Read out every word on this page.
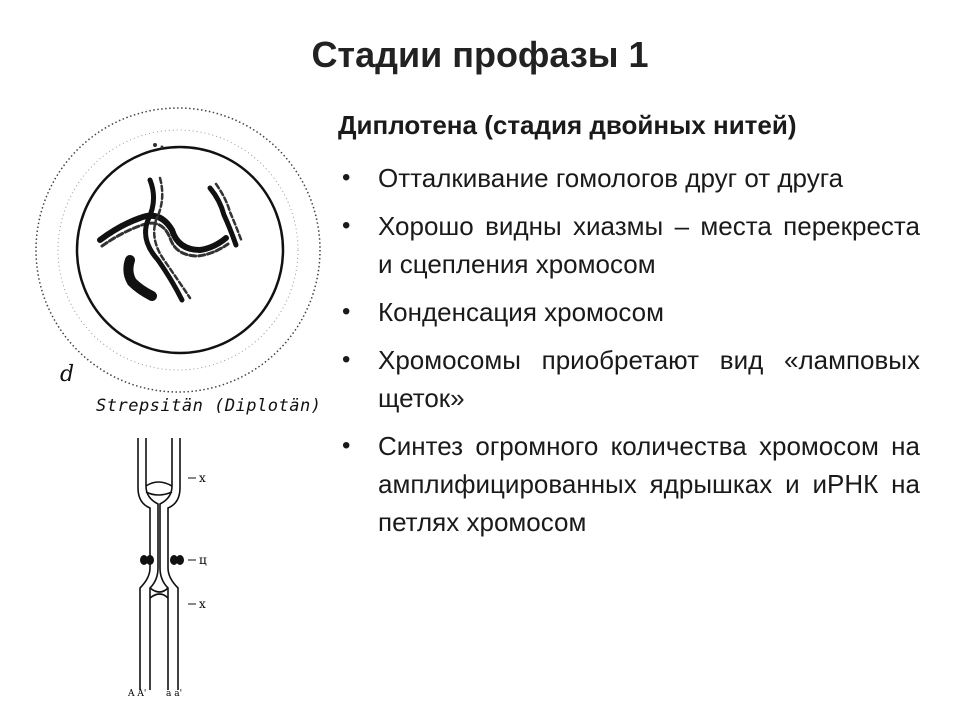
Стадии профазы 1
d
Strepsitän (Diplotän)
x
ц
x
A A' a a'
Диплотена (стадия двойных нитей)
• Отталкивание гомологов друг от друга
• Хорошо видны хиазмы – места перекреста и сцепления хромосом
• Конденсация хромосом
• Хромосомы приобретают вид «ламповых щеток»
• Синтез огромного количества хромосом на амплифицированных ядрышках и иРНК на петлях хромосом
